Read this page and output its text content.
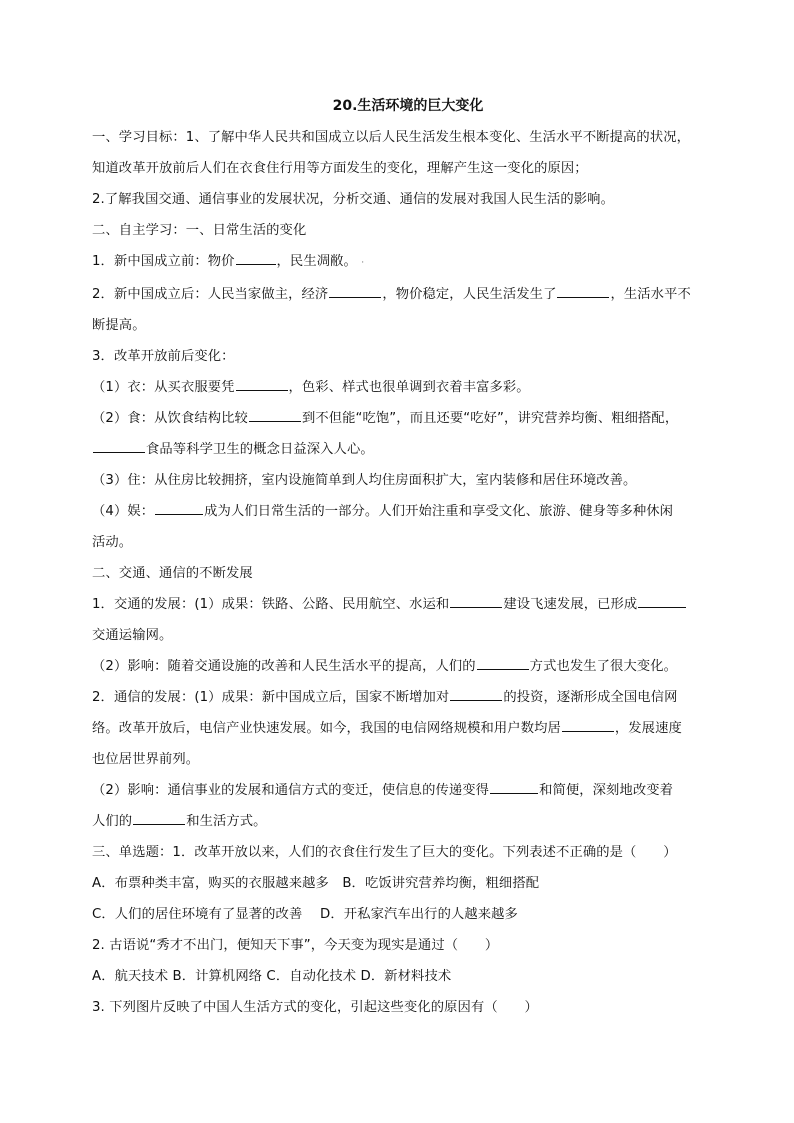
20.生活环境的巨大变化

一、学习目标：1、了解中华人民共和国成立以后人民生活发生根本变化、生活水平不断提高的状况，

知道改革开放前后人们在衣食住行用等方面发生的变化，理解产生这一变化的原因；

2.了解我国交通、通信事业的发展状况，分析交通、通信的发展对我国人民生活的影响。

二、自主学习：一、日常生活的变化

1．新中国成立前：物价	，民生凋敝。 ·

2．新中国成立后：人民当家做主，经济	，物价稳定，人民生活发生了	，生活水平不

断提高。

3．改革开放前后变化：

（1）衣：从买衣服要凭	，色彩、样式也很单调到衣着丰富多彩。

（2）食：从饮食结构比较	到不但能“吃饱”，而且还要“吃好”，讲究营养均衡、粗细搭配，

食品等科学卫生的概念日益深入人心。

（3）住：从住房比较拥挤，室内设施简单到人均住房面积扩大，室内装修和居住环境改善。

（4）娱：	成为人们日常生活的一部分。人们开始注重和享受文化、旅游、健身等多种休闲

活动。

二、交通、通信的不断发展

1．交通的发展：(1）成果：铁路、公路、民用航空、水运和	建设飞速发展，已形成

交通运输网。

（2）影响：随着交通设施的改善和人民生活水平的提高，人们的	方式也发生了很大变化。

2．通信的发展：(1）成果：新中国成立后，国家不断增加对	的投资，逐渐形成全国电信网

络。改革开放后，电信产业快速发展。如今，我国的电信网络规模和用户数均居	，发展速度

也位居世界前列。

（2）影响：通信事业的发展和通信方式的变迁，使信息的传递变得	和简便，深刻地改变着

人们的	和生活方式。

三、单选题：1．改革开放以来，人们的衣食住行发生了巨大的变化。下列表述不正确的是（　　）

A．布票种类丰富，购买的衣服越来越多　B．吃饭讲究营养均衡，粗细搭配

C．人们的居住环境有了显著的改善　 D．开私家汽车出行的人越来越多

2. 古语说“秀才不出门，便知天下事”，今天变为现实是通过（　　）

A．航天技术 B．计算机网络 C．自动化技术 D．新材料技术

3. 下列图片反映了中国人生活方式的变化，引起这些变化的原因有（　　）
